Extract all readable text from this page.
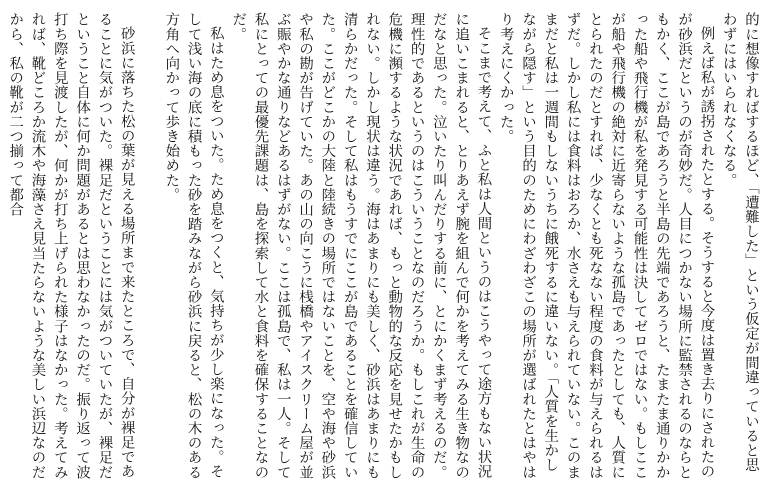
的に想像すればするほど、「遭難した」という仮定が間違っていると思わずにはいられなくなる。

例えば私が誘拐されたとする。そうすると今度は置き去りにされたのが砂浜だというのが奇妙だ。人目につかない場所に監禁されるのならともかく、ここが島であろうと半島の先端であろうと、たまたま通りかかった船や飛行機が私を発見する可能性は決してゼロではない。もしここが船や飛行機の絶対に近寄らないような孤島であったとしても、人質にとられたのだとすれば、少なくとも死なない程度の食料が与えられるはずだ。しかし私には食料はおろか、水さえも与えられていない。このままだと私は一週間もしないうちに餓死するに違いない。「人質を生かしながら隠す」という目的のためにわざわざこの場所が選ばれたとはやはり考えにくかった。

そこまで考えて、ふと私は人間というのはこうやって途方もない状況に追いこまれると、とりあえず腕を組んで何かを考えてみる生き物なのだなと思った。泣いたり叫んだりする前に、とにかくまず考えるのだ。理性的であるというのはこういうことなのだろうか。もしこれが生命の危機に瀕するような状況であれば、もっと動物的な反応を見せたかもしれない。しかし現状は違う。海はあまりにも美しく、砂浜はあまりにも清らかだった。そして私はもうすでにここが島であることを確信していた。ここがどこかの大陸と陸続きの場所ではないことを、空や海や砂浜や私の勘が告げていた。あの山の向こうに桟橋やアイスクリーム屋が並ぶ賑やかな通りなどあるはずがない。ここは孤島で、私は一人。そして私にとっての最優先課題は、島を探索して水と食料を確保することなのだ。

私はため息をついた。ため息をつくと、気持ちが少し楽になった。そして浅い海の底に積もった砂を踏みながら砂浜に戻ると、松の木のある方角へ向かって歩き始めた。

砂浜に落ちた松の葉が見える場所まで来たところで、自分が裸足であることに気がついた。裸足だということには気がついていたが、裸足だということ自体に何か問題があるとは思わなかったのだ。振り返って波打ち際を見渡したが、何かが打ち上げられた様子はなかった。考えてみれば、靴どころか流木や海藻さえ見当たらないような美しい浜辺なのだから、私の靴が二つ揃って都合
